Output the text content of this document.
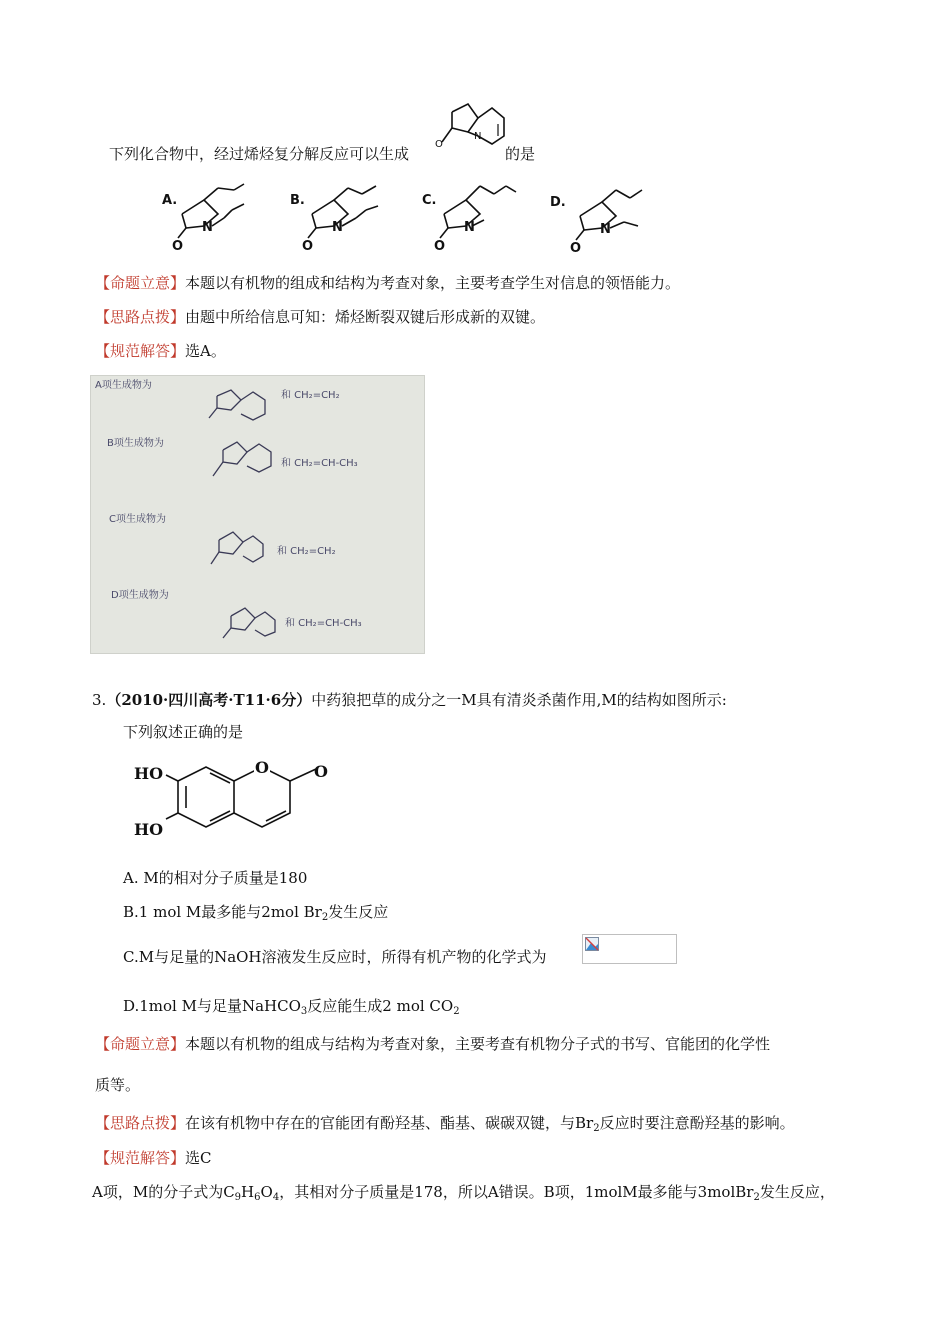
N
O
下列化合物中，经过烯烃复分解反应可以生成	的是
A.	B.	C.	D.
N	N	N	N
O	O	O	O
【命题立意】本题以有机物的组成和结构为考查对象，主要考查学生对信息的领悟能力。
【思路点拨】由题中所给信息可知：烯烃断裂双键后形成新的双键。
【规范解答】选A。
A项生成物为
和 CH₂=CH₂
B项生成物为
和 CH₂=CH-CH₃
C项生成物为
和 CH₂=CH₂
D项生成物为
和 CH₂=CH-CH₃
3.（2010·四川高考·T11·6分）中药狼把草的成分之一M具有清炎杀菌作用,M的结构如图所示:
下列叙述正确的是
HO
HO
O	O
A. M的相对分子质量是180
B.1 mol M最多能与2mol $Br_2$发生反应
C.M与足量的NaOH溶液发生反应时，所得有机产物的化学式为
D.1mol M与足量NaHCO$_3$反应能生成2 mol $CO_2$
【命题立意】本题以有机物的组成与结构为考查对象，主要考查有机物分子式的书写、官能团的化学性
质等。
【思路点拨】在该有机物中存在的官能团有酚羟基、酯基、碳碳双键，与$Br_2$反应时要注意酚羟基的影响。
【规范解答】选C
A项，M的分子式为$C_9H_6O_4$，其相对分子质量是178，所以A错误。B项，1molM最多能与3molBr$_2$发生反应，
